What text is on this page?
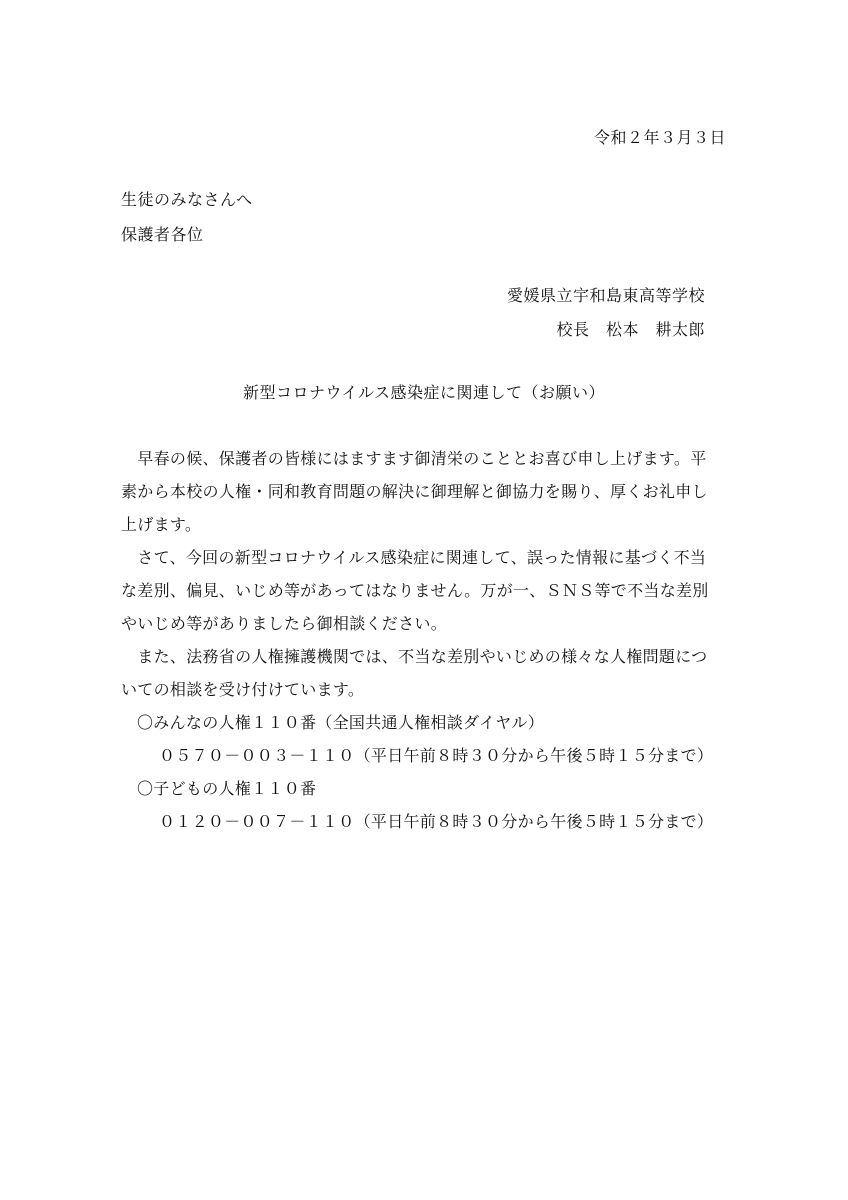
令和２年３月３日
生徒のみなさんへ
保護者各位
愛媛県立宇和島東高等学校
校長　松本　耕太郎
新型コロナウイルス感染症に関連して（お願い）
　早春の候、保護者の皆様にはますます御清栄のこととお喜び申し上げます。平
素から本校の人権・同和教育問題の解決に御理解と御協力を賜り、厚くお礼申し
上げます。
　さて、今回の新型コロナウイルス感染症に関連して、誤った情報に基づく不当
な差別、偏見、いじめ等があってはなりません。万が一、ＳＮＳ等で不当な差別
やいじめ等がありましたら御相談ください。
　また、法務省の人権擁護機関では、不当な差別やいじめの様々な人権問題につ
いての相談を受け付けています。
〇みんなの人権１１０番（全国共通人権相談ダイヤル）
０５７０－００３－１１０（平日午前８時３０分から午後５時１５分まで）
〇子どもの人権１１０番
０１２０－００７－１１０（平日午前８時３０分から午後５時１５分まで）
